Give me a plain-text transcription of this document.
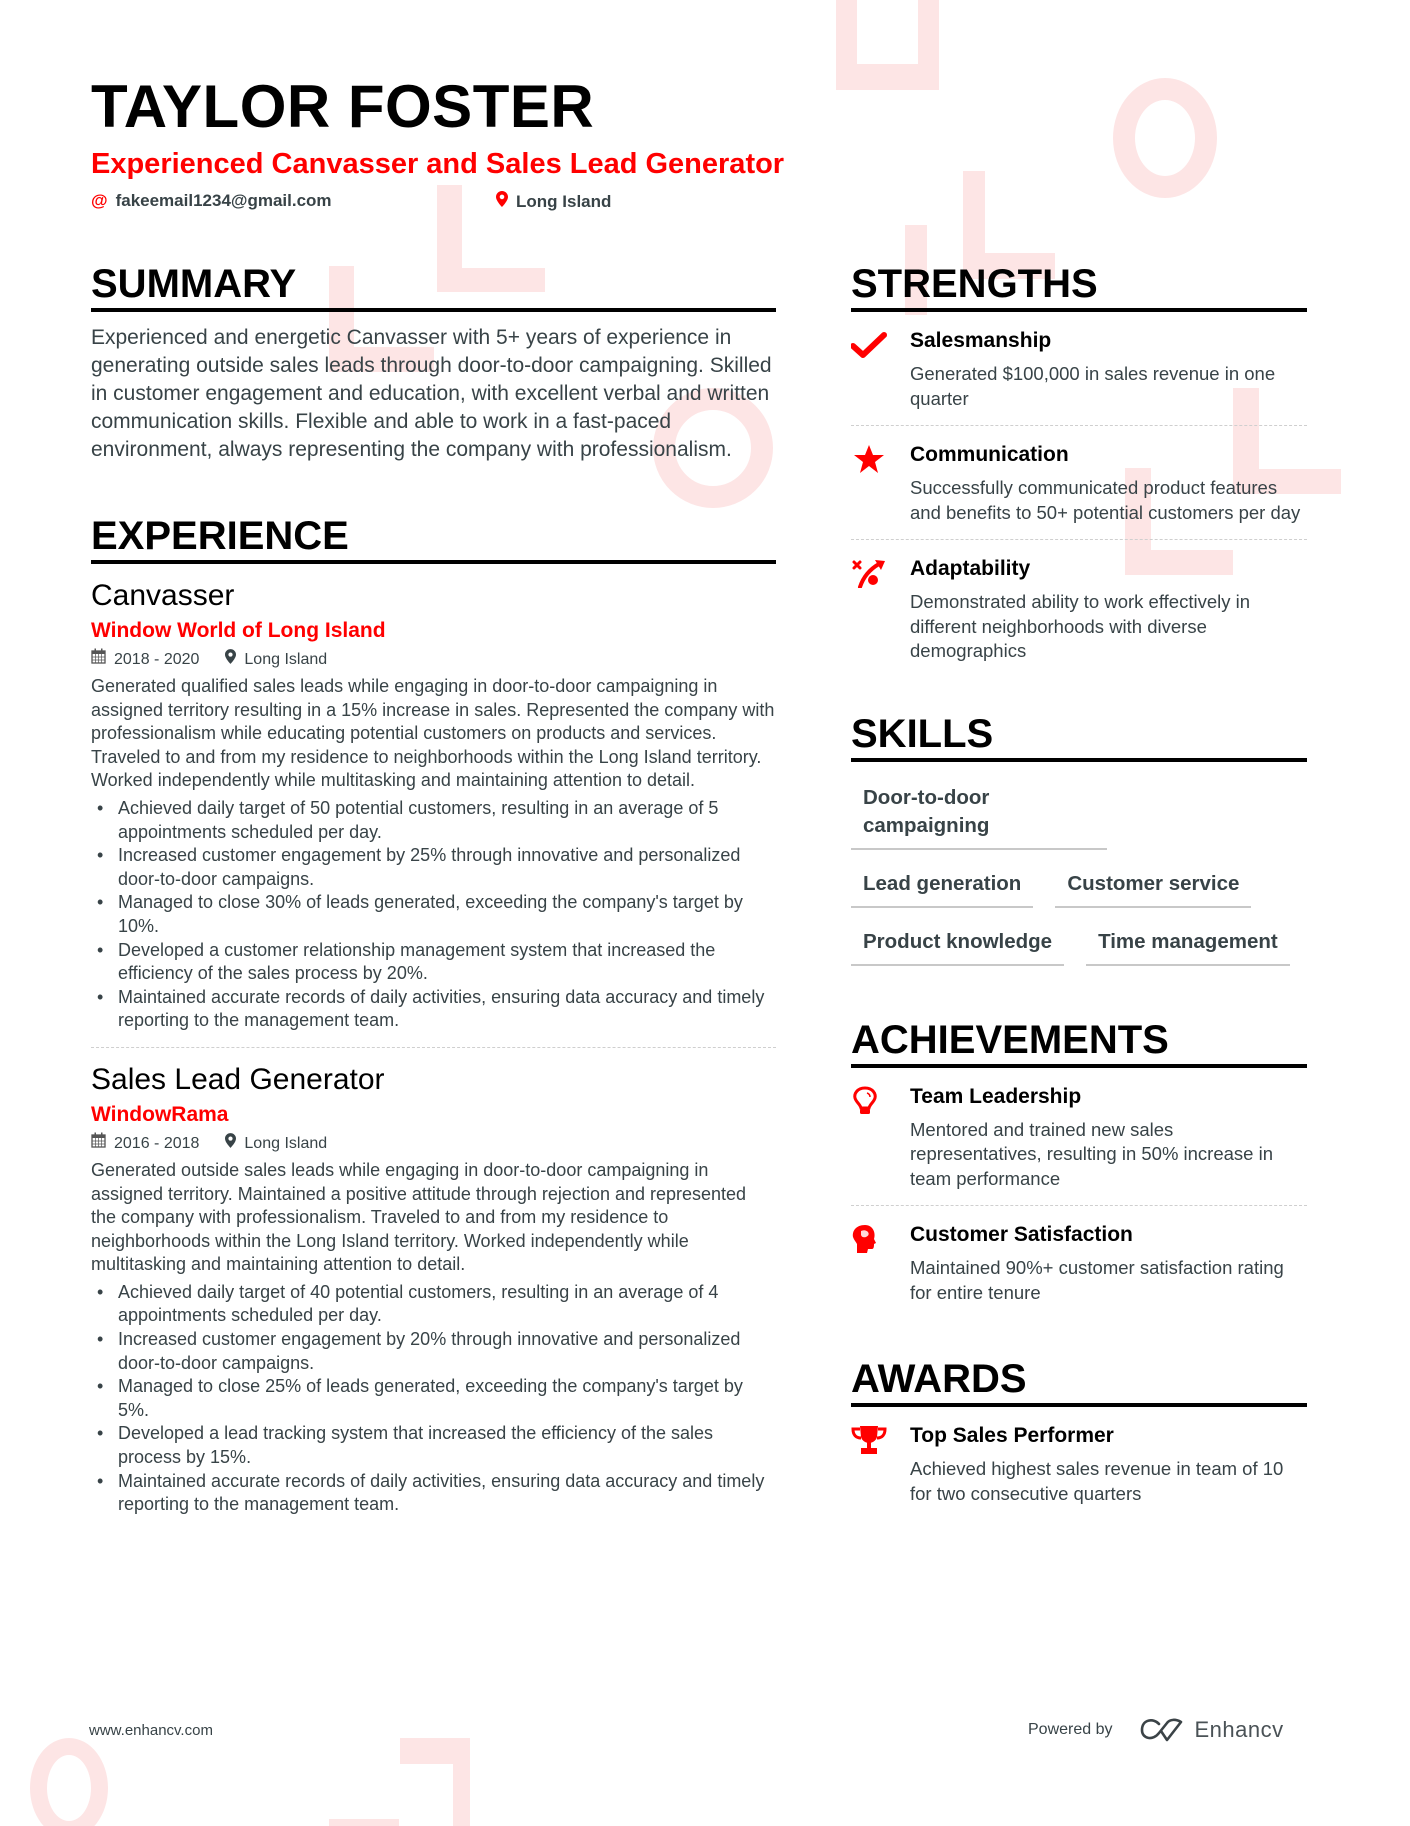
TAYLOR FOSTER
Experienced Canvasser and Sales Lead Generator
@ fakeemail1234@gmail.com	Long Island
SUMMARY

Experienced and energetic Canvasser with 5+ years of experience in generating outside sales leads through door-to-door campaigning. Skilled in customer engagement and education, with excellent verbal and written communication skills. Flexible and able to work in a fast-paced environment, always representing the company with professionalism.

EXPERIENCE
Canvasser
Window World of Long Island
2018 - 2020	Long Island

Generated qualified sales leads while engaging in door-to-door campaigning in assigned territory resulting in a 15% increase in sales. Represented the company with professionalism while educating potential customers on products and services. Traveled to and from my residence to neighborhoods within the Long Island territory. Worked independently while multitasking and maintaining attention to detail.

• Achieved daily target of 50 potential customers, resulting in an average of 5 appointments scheduled per day.
• Increased customer engagement by 25% through innovative and personalized door-to-door campaigns.
• Managed to close 30% of leads generated, exceeding the company's target by 10%.
• Developed a customer relationship management system that increased the efficiency of the sales process by 20%.
• Maintained accurate records of daily activities, ensuring data accuracy and timely reporting to the management team.
Sales Lead Generator
WindowRama
2016 - 2018	Long Island

Generated outside sales leads while engaging in door-to-door campaigning in assigned territory. Maintained a positive attitude through rejection and represented the company with professionalism. Traveled to and from my residence to neighborhoods within the Long Island territory. Worked independently while multitasking and maintaining attention to detail.

• Achieved daily target of 40 potential customers, resulting in an average of 4 appointments scheduled per day.
• Increased customer engagement by 20% through innovative and personalized door-to-door campaigns.
• Managed to close 25% of leads generated, exceeding the company's target by 5%.
• Developed a lead tracking system that increased the efficiency of the sales process by 15%.
• Maintained accurate records of daily activities, ensuring data accuracy and timely reporting to the management team.
STRENGTHS
Salesmanship
Generated $100,000 in sales revenue in one quarter
Communication
Successfully communicated product features and benefits to 50+ potential customers per day
Adaptability
Demonstrated ability to work effectively in different neighborhoods with diverse demographics
SKILLS
Door-to-door campaigning
Lead generation	Customer service
Product knowledge	Time management
ACHIEVEMENTS
Team Leadership
Mentored and trained new sales representatives, resulting in 50% increase in team performance
Customer Satisfaction
Maintained 90%+ customer satisfaction rating for entire tenure
AWARDS
Top Sales Performer
Achieved highest sales revenue in team of 10 for two consecutive quarters
www.enhancv.com	Powered by	Enhancv
